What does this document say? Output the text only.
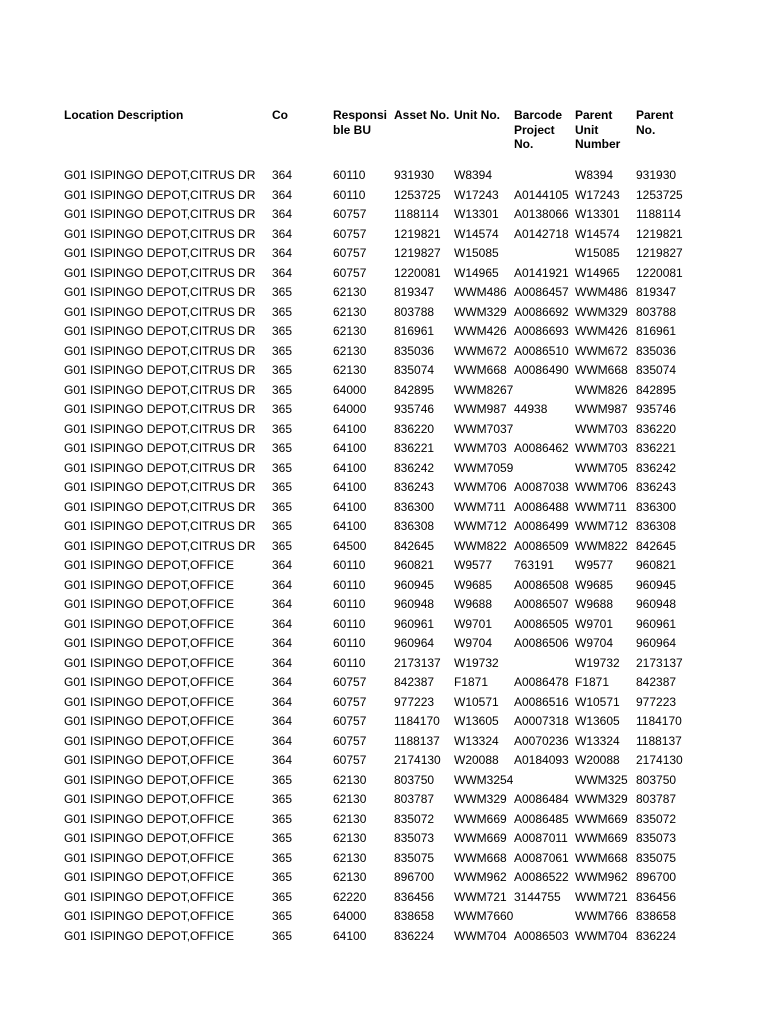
Location Description	Co	Responsi ble BU	Asset No.	Unit No.	Barcode Project No.	Parent Unit Number	Parent No.

G01 ISIPINGO DEPOT,CITRUS DR	364	60110	931930	W8394		W8394	931930
G01 ISIPINGO DEPOT,CITRUS DR	364	60110	1253725	W17243	A0144105	W17243	1253725
G01 ISIPINGO DEPOT,CITRUS DR	364	60757	1188114	W13301	A0138066	W13301	1188114
G01 ISIPINGO DEPOT,CITRUS DR	364	60757	1219821	W14574	A0142718	W14574	1219821
G01 ISIPINGO DEPOT,CITRUS DR	364	60757	1219827	W15085		W15085	1219827
G01 ISIPINGO DEPOT,CITRUS DR	364	60757	1220081	W14965	A0141921	W14965	1220081
G01 ISIPINGO DEPOT,CITRUS DR	365	62130	819347	WWM486	A0086457	WWM486	819347
G01 ISIPINGO DEPOT,CITRUS DR	365	62130	803788	WWM329	A0086692	WWM329	803788
G01 ISIPINGO DEPOT,CITRUS DR	365	62130	816961	WWM426	A0086693	WWM426	816961
G01 ISIPINGO DEPOT,CITRUS DR	365	62130	835036	WWM672	A0086510	WWM672	835036
G01 ISIPINGO DEPOT,CITRUS DR	365	62130	835074	WWM668	A0086490	WWM668	835074
G01 ISIPINGO DEPOT,CITRUS DR	365	64000	842895	WWM8267		WWM826	842895
G01 ISIPINGO DEPOT,CITRUS DR	365	64000	935746	WWM987	44938	WWM987	935746
G01 ISIPINGO DEPOT,CITRUS DR	365	64100	836220	WWM7037		WWM703	836220
G01 ISIPINGO DEPOT,CITRUS DR	365	64100	836221	WWM703	A0086462	WWM703	836221
G01 ISIPINGO DEPOT,CITRUS DR	365	64100	836242	WWM7059		WWM705	836242
G01 ISIPINGO DEPOT,CITRUS DR	365	64100	836243	WWM706	A0087038	WWM706	836243
G01 ISIPINGO DEPOT,CITRUS DR	365	64100	836300	WWM711	A0086488	WWM711	836300
G01 ISIPINGO DEPOT,CITRUS DR	365	64100	836308	WWM712	A0086499	WWM712	836308
G01 ISIPINGO DEPOT,CITRUS DR	365	64500	842645	WWM822	A0086509	WWM822	842645
G01 ISIPINGO DEPOT,OFFICE	364	60110	960821	W9577	763191	W9577	960821
G01 ISIPINGO DEPOT,OFFICE	364	60110	960945	W9685	A0086508	W9685	960945
G01 ISIPINGO DEPOT,OFFICE	364	60110	960948	W9688	A0086507	W9688	960948
G01 ISIPINGO DEPOT,OFFICE	364	60110	960961	W9701	A0086505	W9701	960961
G01 ISIPINGO DEPOT,OFFICE	364	60110	960964	W9704	A0086506	W9704	960964
G01 ISIPINGO DEPOT,OFFICE	364	60110	2173137	W19732		W19732	2173137
G01 ISIPINGO DEPOT,OFFICE	364	60757	842387	F1871	A0086478	F1871	842387
G01 ISIPINGO DEPOT,OFFICE	364	60757	977223	W10571	A0086516	W10571	977223
G01 ISIPINGO DEPOT,OFFICE	364	60757	1184170	W13605	A0007318	W13605	1184170
G01 ISIPINGO DEPOT,OFFICE	364	60757	1188137	W13324	A0070236	W13324	1188137
G01 ISIPINGO DEPOT,OFFICE	364	60757	2174130	W20088	A0184093	W20088	2174130
G01 ISIPINGO DEPOT,OFFICE	365	62130	803750	WWM3254		WWM325	803750
G01 ISIPINGO DEPOT,OFFICE	365	62130	803787	WWM329	A0086484	WWM329	803787
G01 ISIPINGO DEPOT,OFFICE	365	62130	835072	WWM669	A0086485	WWM669	835072
G01 ISIPINGO DEPOT,OFFICE	365	62130	835073	WWM669	A0087011	WWM669	835073
G01 ISIPINGO DEPOT,OFFICE	365	62130	835075	WWM668	A0087061	WWM668	835075
G01 ISIPINGO DEPOT,OFFICE	365	62130	896700	WWM962	A0086522	WWM962	896700
G01 ISIPINGO DEPOT,OFFICE	365	62220	836456	WWM721	3144755	WWM721	836456
G01 ISIPINGO DEPOT,OFFICE	365	64000	838658	WWM7660		WWM766	838658
G01 ISIPINGO DEPOT,OFFICE	365	64100	836224	WWM704	A0086503	WWM704	836224
